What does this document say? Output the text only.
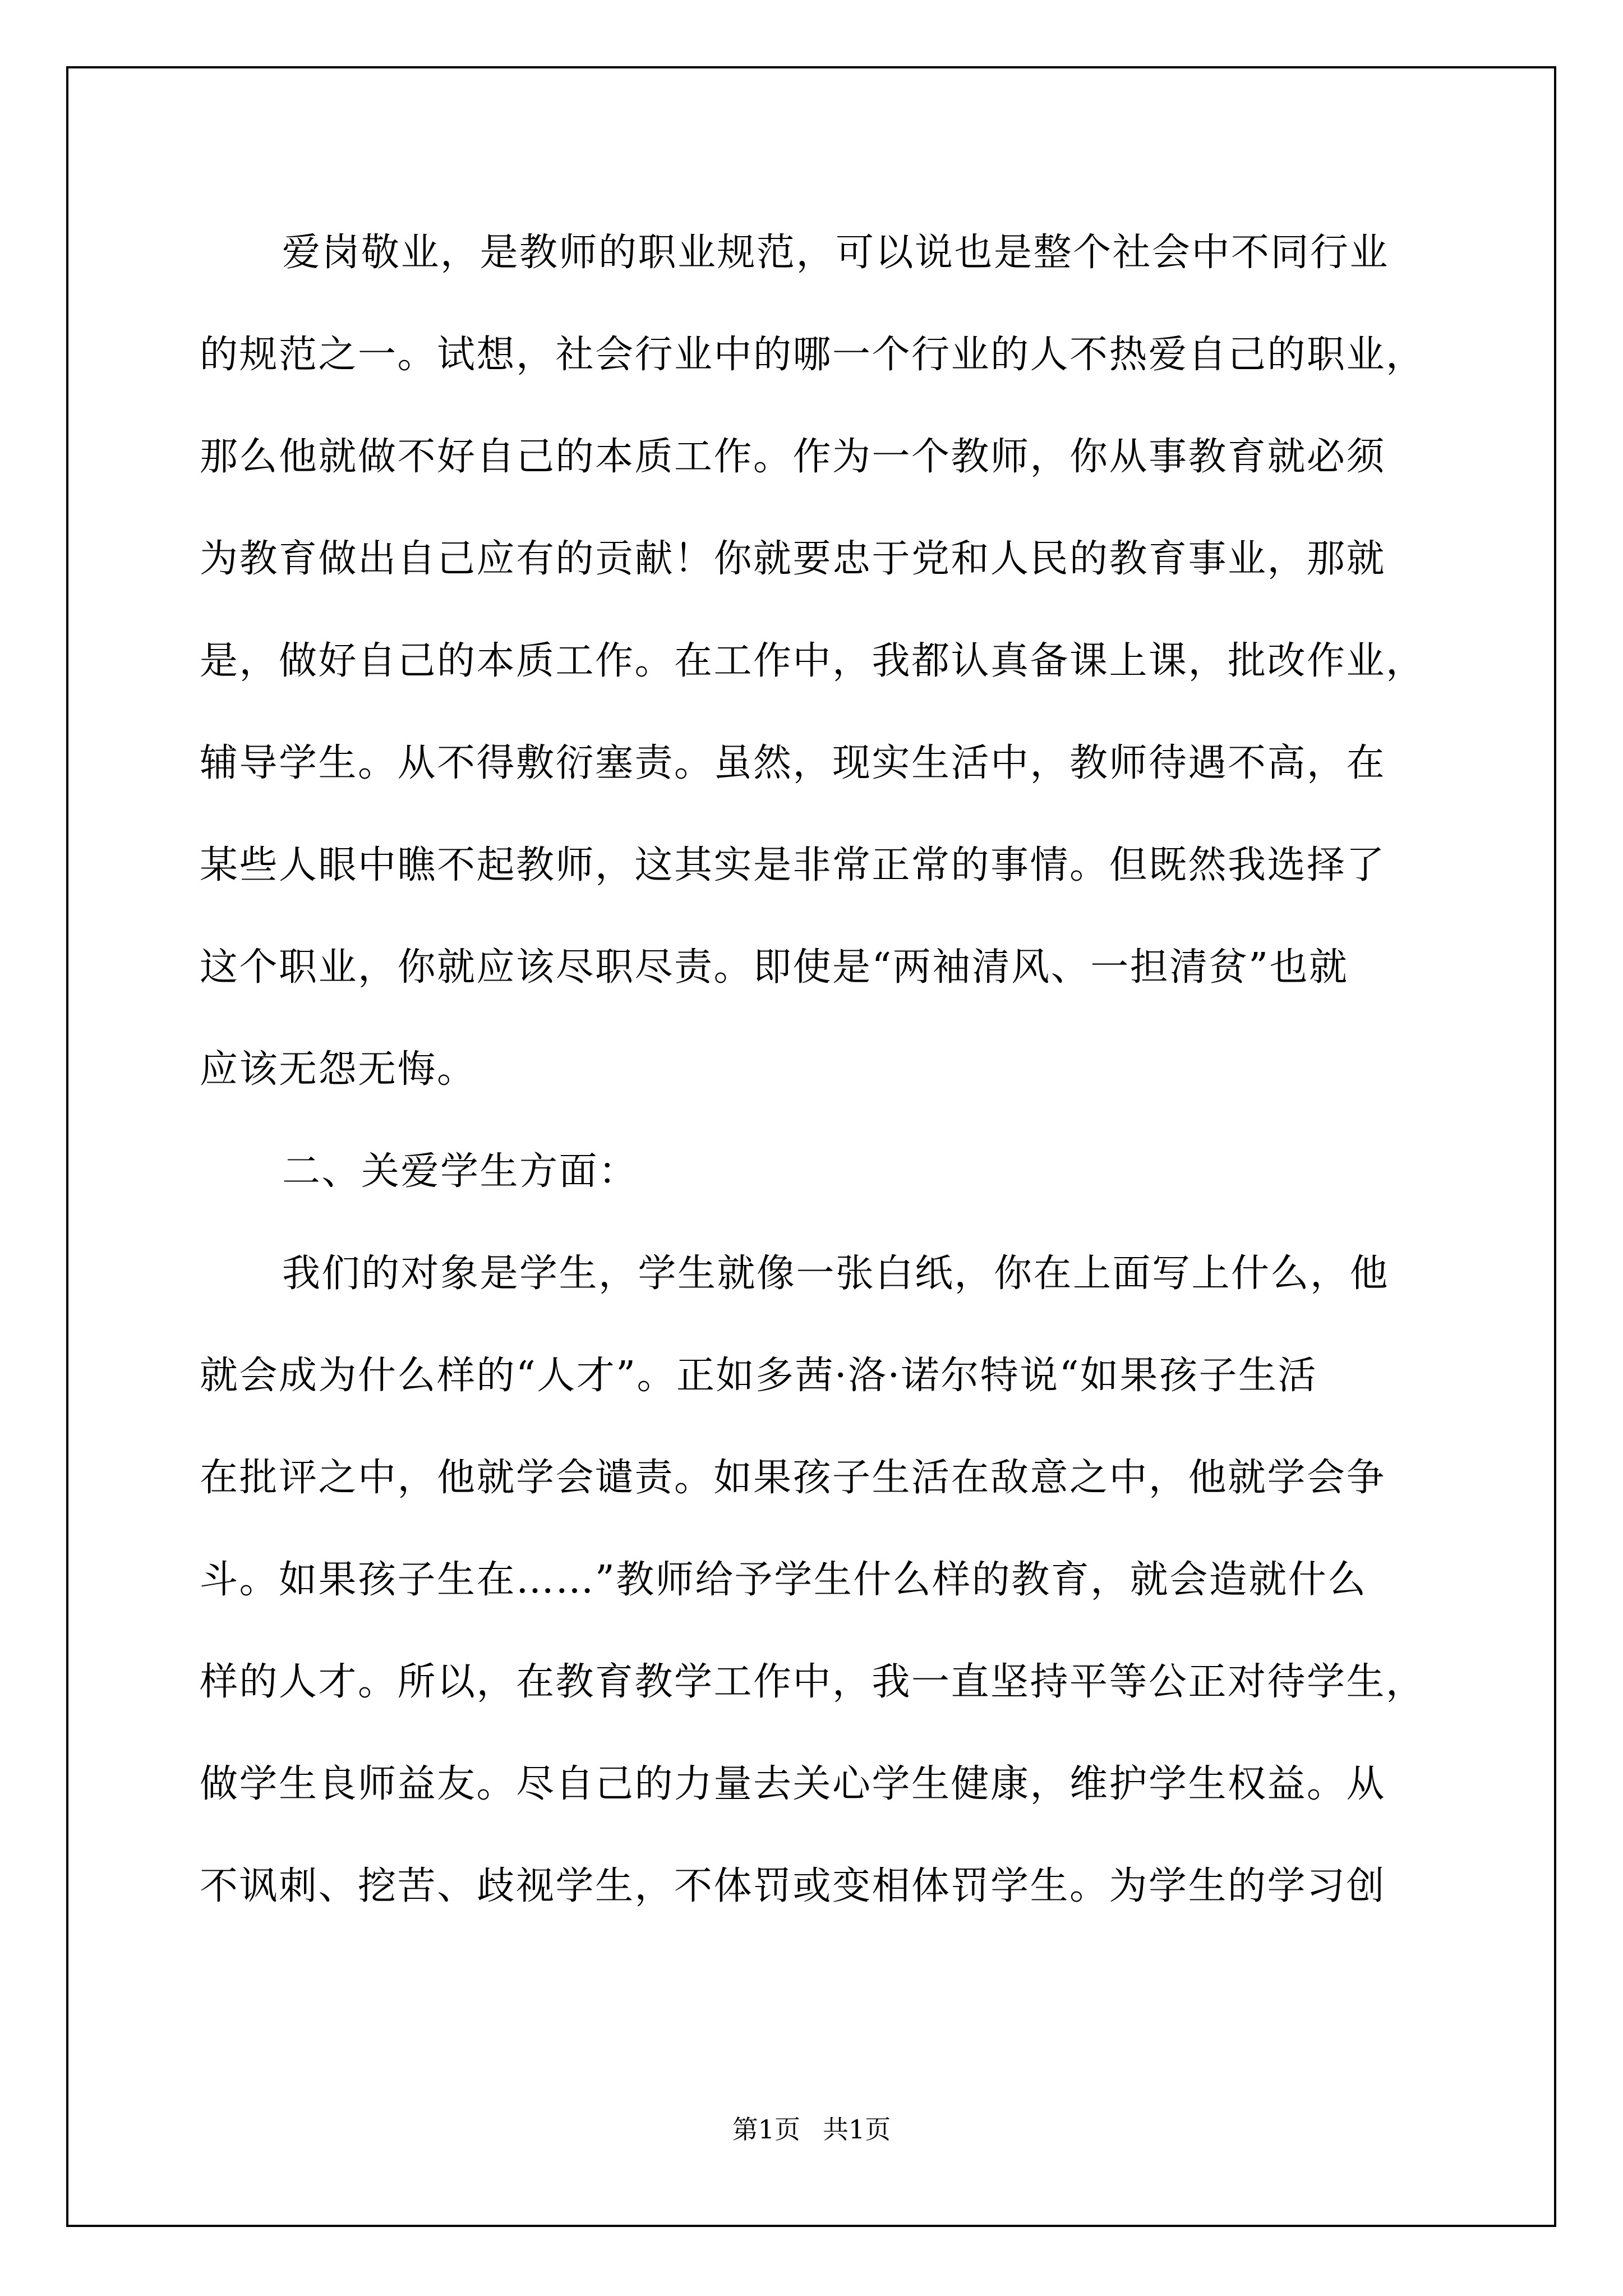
爱岗敬业，是教师的职业规范，可以说也是整个社会中不同行业
的规范之一。试想，社会行业中的哪一个行业的人不热爱自己的职业，
那么他就做不好自己的本质工作。作为一个教师，你从事教育就必须
为教育做出自己应有的贡献！你就要忠于党和人民的教育事业，那就
是，做好自己的本质工作。在工作中，我都认真备课上课，批改作业，
辅导学生。从不得敷衍塞责。虽然，现实生活中，教师待遇不高，在
某些人眼中瞧不起教师，这其实是非常正常的事情。但既然我选择了
这个职业，你就应该尽职尽责。即使是“两袖清风、一担清贫”也就
应该无怨无悔。
二、关爱学生方面：
我们的对象是学生，学生就像一张白纸，你在上面写上什么，他
就会成为什么样的“人才”。正如多茜·洛·诺尔特说“如果孩子生活
在批评之中，他就学会谴责。如果孩子生活在敌意之中，他就学会争
斗。如果孩子生在……”教师给予学生什么样的教育，就会造就什么
样的人才。所以，在教育教学工作中，我一直坚持平等公正对待学生，
做学生良师益友。尽自己的力量去关心学生健康，维护学生权益。从
不讽刺、挖苦、歧视学生，不体罚或变相体罚学生。为学生的学习创
第1页 共1页
